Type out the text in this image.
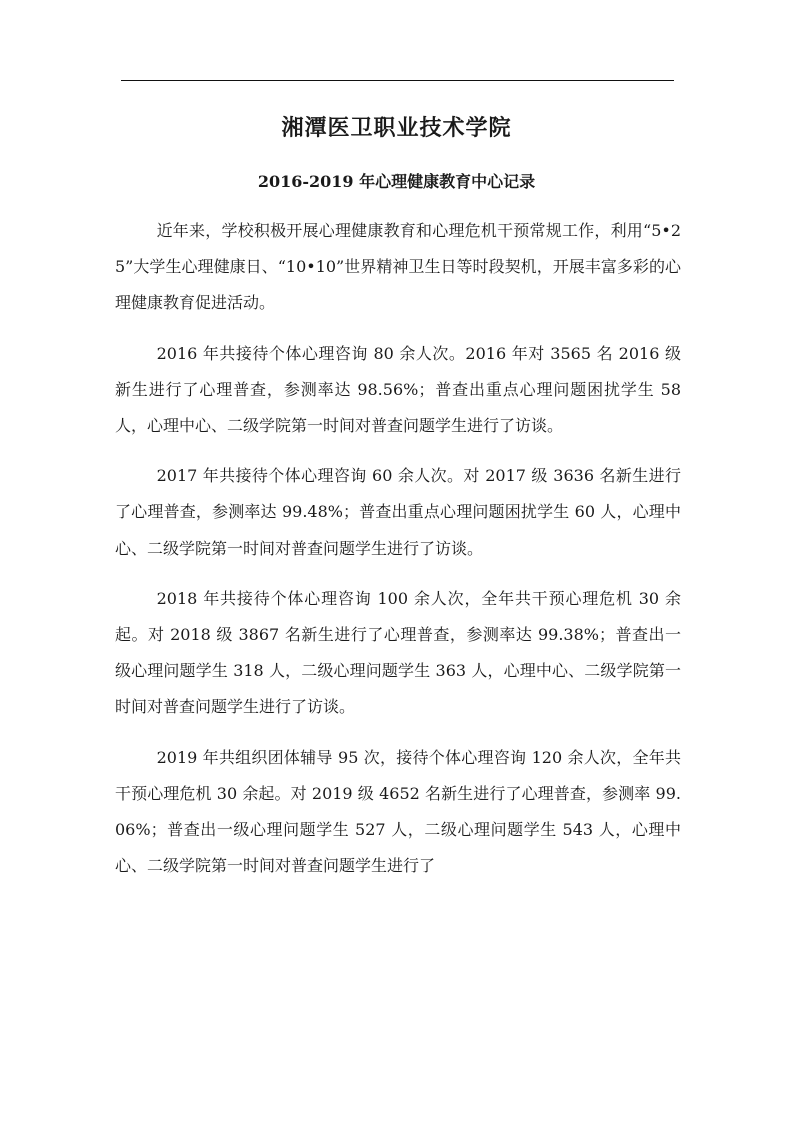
湘潭医卫职业技术学院
2016-2019 年心理健康教育中心记录

近年来，学校积极开展心理健康教育和心理危机干预常规工作，利用“5•25”大学生心理健康日、“10•10”世界精神卫生日等时段契机，开展丰富多彩的心理健康教育促进活动。

2016 年共接待个体心理咨询 80 余人次。2016 年对 3565 名 2016 级新生进行了心理普查，参测率达 98.56%；普查出重点心理问题困扰学生 58 人，心理中心、二级学院第一时间对普查问题学生进行了访谈。

2017 年共接待个体心理咨询 60 余人次。对 2017 级 3636 名新生进行了心理普查，参测率达 99.48%；普查出重点心理问题困扰学生 60 人，心理中心、二级学院第一时间对普查问题学生进行了访谈。

2018 年共接待个体心理咨询 100 余人次，全年共干预心理危机 30 余起。对 2018 级 3867 名新生进行了心理普查，参测率达 99.38%；普查出一级心理问题学生 318 人，二级心理问题学生 363 人，心理中心、二级学院第一时间对普查问题学生进行了访谈。

2019 年共组织团体辅导 95 次，接待个体心理咨询 120 余人次，全年共干预心理危机 30 余起。对 2019 级 4652 名新生进行了心理普查，参测率 99.06%；普查出一级心理问题学生 527 人，二级心理问题学生 543 人，心理中心、二级学院第一时间对普查问题学生进行了
